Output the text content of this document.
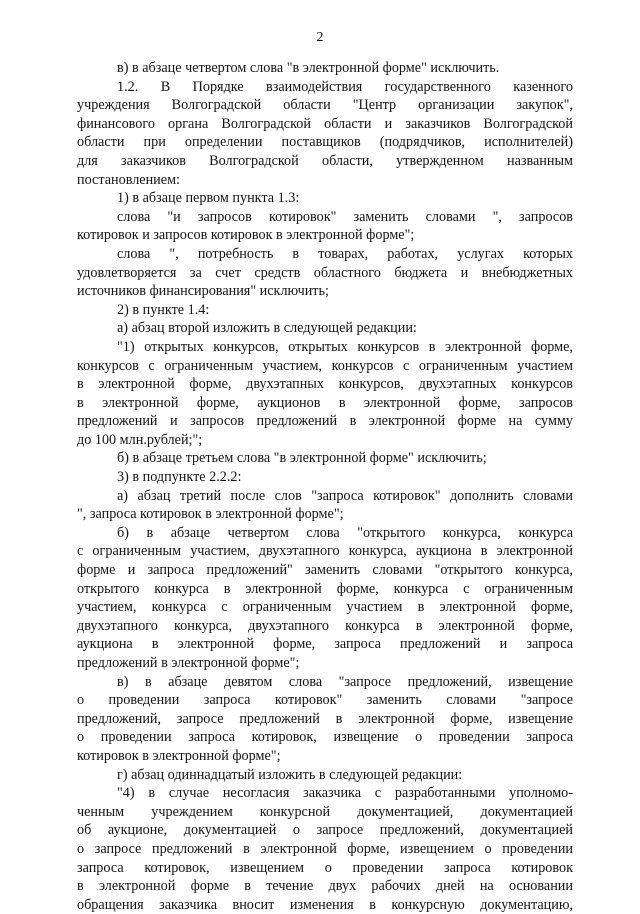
2
в) в абзаце четвертом слова "в электронной форме" исключить.
1.2. В Порядке взаимодействия государственного казенного
учреждения Волгоградской области "Центр организации закупок",
финансового органа Волгоградской области и заказчиков Волгоградской
области при определении поставщиков (подрядчиков, исполнителей)
для заказчиков Волгоградской области, утвержденном названным
постановлением:
1) в абзаце первом пункта 1.3:
слова "и запросов котировок" заменить словами ", запросов
котировок и запросов котировок в электронной форме";
слова ", потребность в товарах, работах, услугах которых
удовлетворяется за счет средств областного бюджета и внебюджетных
источников финансирования" исключить;
2) в пункте 1.4:
а) абзац второй изложить в следующей редакции:
"1) открытых конкурсов, открытых конкурсов в электронной форме,
конкурсов с ограниченным участием, конкурсов с ограниченным участием
в электронной форме, двухэтапных конкурсов, двухэтапных конкурсов
в электронной форме, аукционов в электронной форме, запросов
предложений и запросов предложений в электронной форме на сумму
до 100 млн.рублей;";
б) в абзаце третьем слова "в электронной форме" исключить;
3) в подпункте 2.2.2:
а) абзац третий после слов "запроса котировок" дополнить словами
", запроса котировок в электронной форме";
б) в абзаце четвертом слова "открытого конкурса, конкурса
с ограниченным участием, двухэтапного конкурса, аукциона в электронной
форме и запроса предложений" заменить словами "открытого конкурса,
открытого конкурса в электронной форме, конкурса с ограниченным
участием, конкурса с ограниченным участием в электронной форме,
двухэтапного конкурса, двухэтапного конкурса в электронной форме,
аукциона в электронной форме, запроса предложений и запроса
предложений в электронной форме";
в) в абзаце девятом слова "запросе предложений, извещение
о проведении запроса котировок" заменить словами "запросе
предложений, запросе предложений в электронной форме, извещение
о проведении запроса котировок, извещение о проведении запроса
котировок в электронной форме";
г) абзац одиннадцатый изложить в следующей редакции:
"4) в случае несогласия заказчика с разработанными уполномо-
ченным учреждением конкурсной документацией, документацией
об аукционе, документацией о запросе предложений, документацией
о запросе предложений в электронной форме, извещением о проведении
запроса котировок, извещением о проведении запроса котировок
в электронной форме в течение двух рабочих дней на основании
обращения заказчика вносит изменения в конкурсную документацию,
